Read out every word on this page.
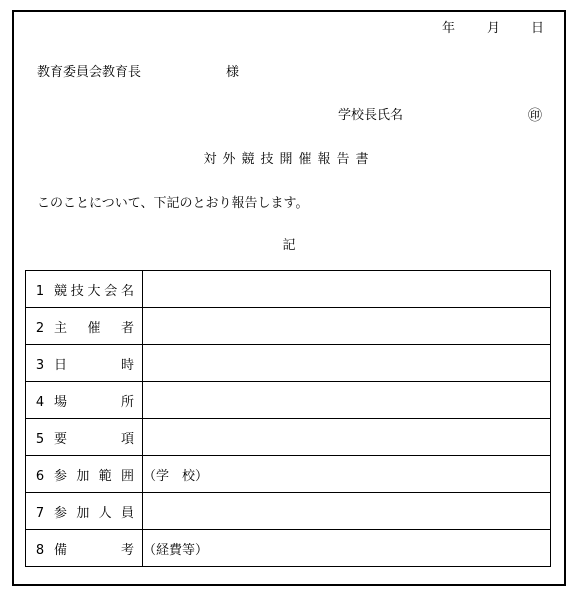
年 月 日
教育委員会教育長	様
学校長氏名	㊞
対外競技開催報告書
このことについて、下記のとおり報告します。
記
1 競技大会名	
2 主催者	
3 日時	
4 場所	
5 要項	
6 参加範囲	（学　校）
7 参加人員	
8 備考	（経費等）
